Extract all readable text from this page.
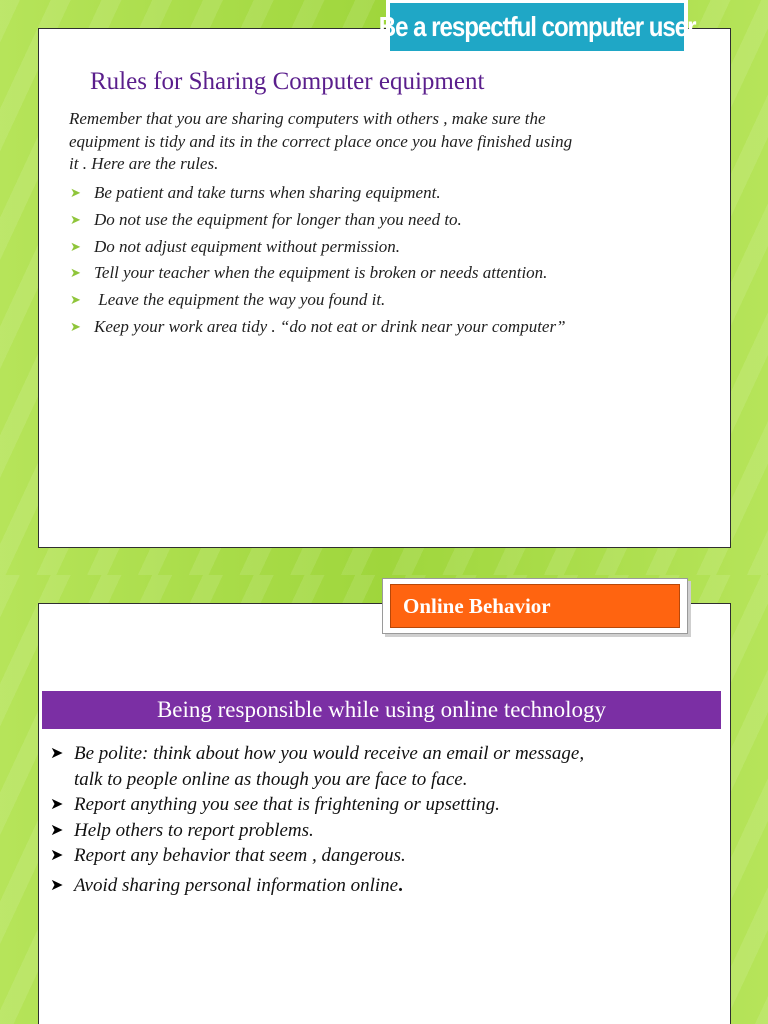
Be a respectful computer user
Rules for Sharing Computer equipment
Remember that you are sharing computers with others , make sure the
equipment is tidy and its in the correct place once you have finished using
it . Here are the rules.
➤ Be patient and take turns when sharing equipment.
➤ Do not use the equipment for longer than you need to.
➤ Do not adjust equipment without permission.
➤ Tell your teacher when the equipment is broken or needs attention.
➤ Leave the equipment the way you found it.
➤ Keep your work area tidy . “do not eat or drink near your computer”
Online Behavior
Being responsible while using online technology
➤ Be polite: think about how you would receive an email or message,
talk to people online as though you are face to face.
➤ Report anything you see that is frightening or upsetting.
➤ Help others to report problems.
➤ Report any behavior that seem , dangerous.
➤ Avoid sharing personal information online.
